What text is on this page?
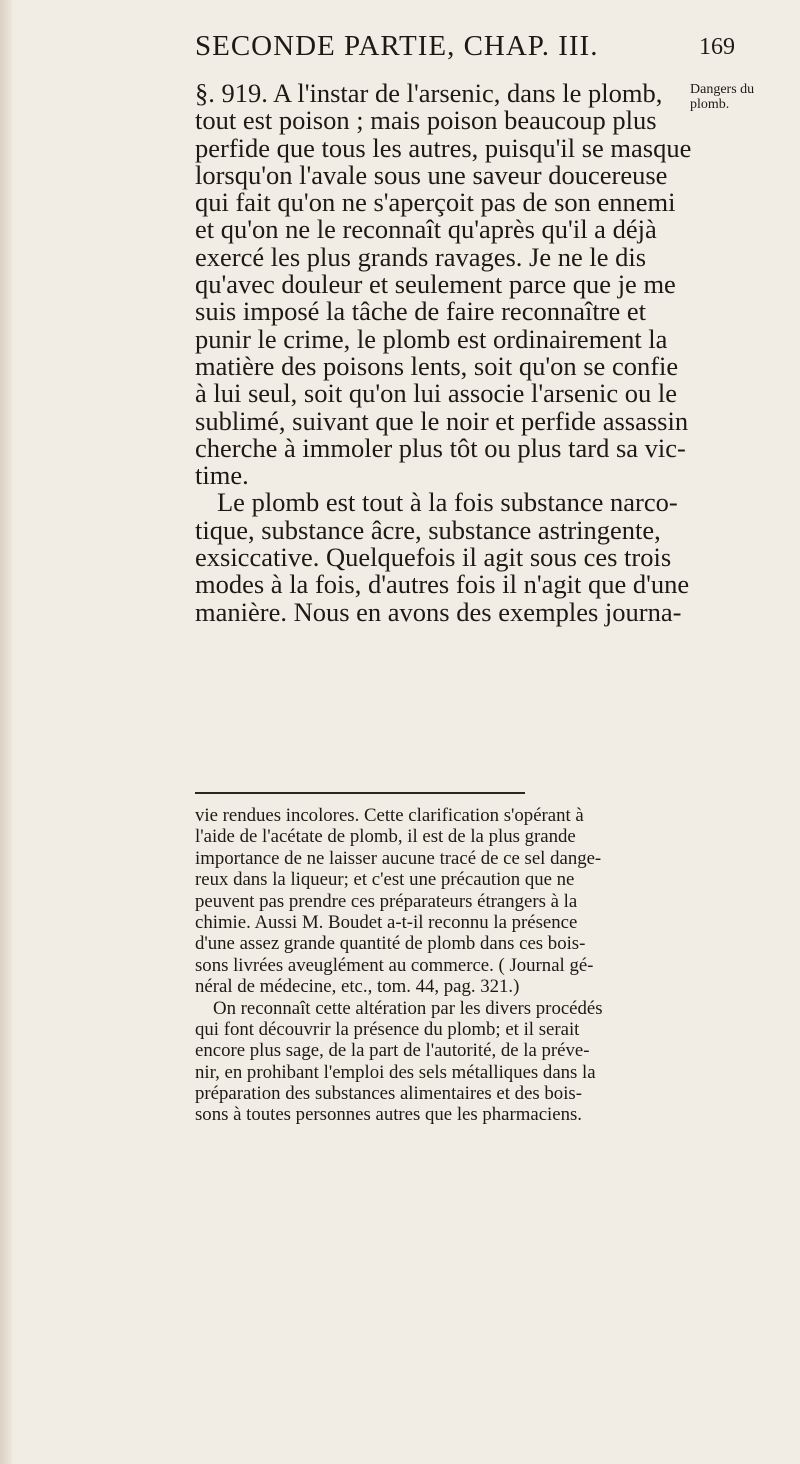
SECONDE PARTIE, CHAP. III.	169
Dangers du
plomb.
§. 919. A l'instar de l'arsenic, dans le plomb,
tout est poison ; mais poison beaucoup plus
perfide que tous les autres, puisqu'il se masque
lorsqu'on l'avale sous une saveur doucereuse
qui fait qu'on ne s'aperçoit pas de son ennemi
et qu'on ne le reconnaît qu'après qu'il a déjà
exercé les plus grands ravages. Je ne le dis
qu'avec douleur et seulement parce que je me
suis imposé la tâche de faire reconnaître et
punir le crime, le plomb est ordinairement la
matière des poisons lents, soit qu'on se confie
à lui seul, soit qu'on lui associe l'arsenic ou le
sublimé, suivant que le noir et perfide assassin
cherche à immoler plus tôt ou plus tard sa vic-
time.
Le plomb est tout à la fois substance narco-
tique, substance âcre, substance astringente,
exsiccative. Quelquefois il agit sous ces trois
modes à la fois, d'autres fois il n'agit que d'une
manière. Nous en avons des exemples journa-
vie rendues incolores. Cette clarification s'opérant à
l'aide de l'acétate de plomb, il est de la plus grande
importance de ne laisser aucune tracé de ce sel dange-
reux dans la liqueur; et c'est une précaution que ne
peuvent pas prendre ces préparateurs étrangers à la
chimie. Aussi M. Boudet a-t-il reconnu la présence
d'une assez grande quantité de plomb dans ces bois-
sons livrées aveuglément au commerce. ( Journal gé-
néral de médecine, etc., tom. 44, pag. 321.)
On reconnaît cette altération par les divers procédés
qui font découvrir la présence du plomb; et il serait
encore plus sage, de la part de l'autorité, de la préve-
nir, en prohibant l'emploi des sels métalliques dans la
préparation des substances alimentaires et des bois-
sons à toutes personnes autres que les pharmaciens.
